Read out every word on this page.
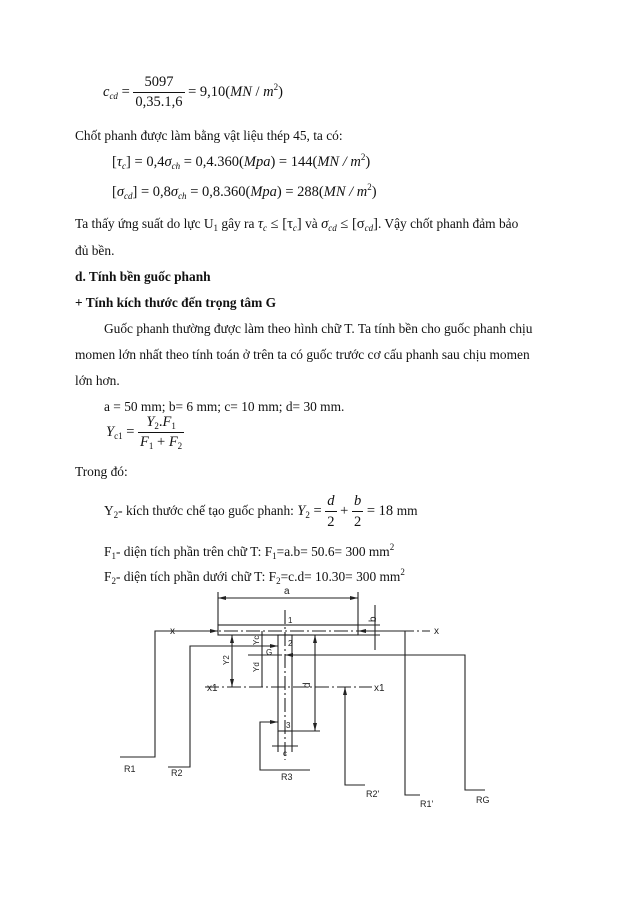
$c_{cd} = \frac{5097}{0,35.1,6} = 9,10(MN / m^2)$
Chốt phanh được làm bằng vật liệu thép 45, ta có:
$[\tau_c] = 0,4\sigma_{ch} = 0,4.360(Mpa) = 144(MN / m^2)$
$[\sigma_{cd}] = 0,8\sigma_{ch} = 0,8.360(Mpa) = 288(MN / m^2)$
Ta thấy ứng suất do lực $U_1$ gây ra $\tau_c \le [\tau_c]$ và $\sigma_{cd} \le [\sigma_{cd}]$. Vậy chốt phanh đảm bảo
đủ bền.
d. Tính bền guốc phanh
+ Tính kích thước đến trọng tâm G
Guốc phanh thường được làm theo hình chữ T. Ta tính bền cho guốc phanh chịu
momen lớn nhất theo tính toán ở trên ta có guốc trước cơ cấu phanh sau chịu momen
lớn hơn.
a = 50 mm; b= 6 mm; c= 10 mm; d= 30 mm.
$Y_{c1} = \frac{Y_2.F_1}{F_1 + F_2}$
Trong đó:
$Y_2-$ kích thước chế tạo guốc phanh: $Y_2 = \frac{d}{2} + \frac{b}{2} = 18$ mm
$F_1-$ diện tích phần trên chữ T: $F_1=a.b= 50.6= 300$ $mm^2$
$F_2-$ diện tích phần dưới chữ T: $F_2=c.d= 10.30= 300$ $mm^2$
a
b
x	x
x1	x1
1
2
3
G
Y2
Yc
Yd
d
c
R1	R2	R3
R2'
R1'	RG
